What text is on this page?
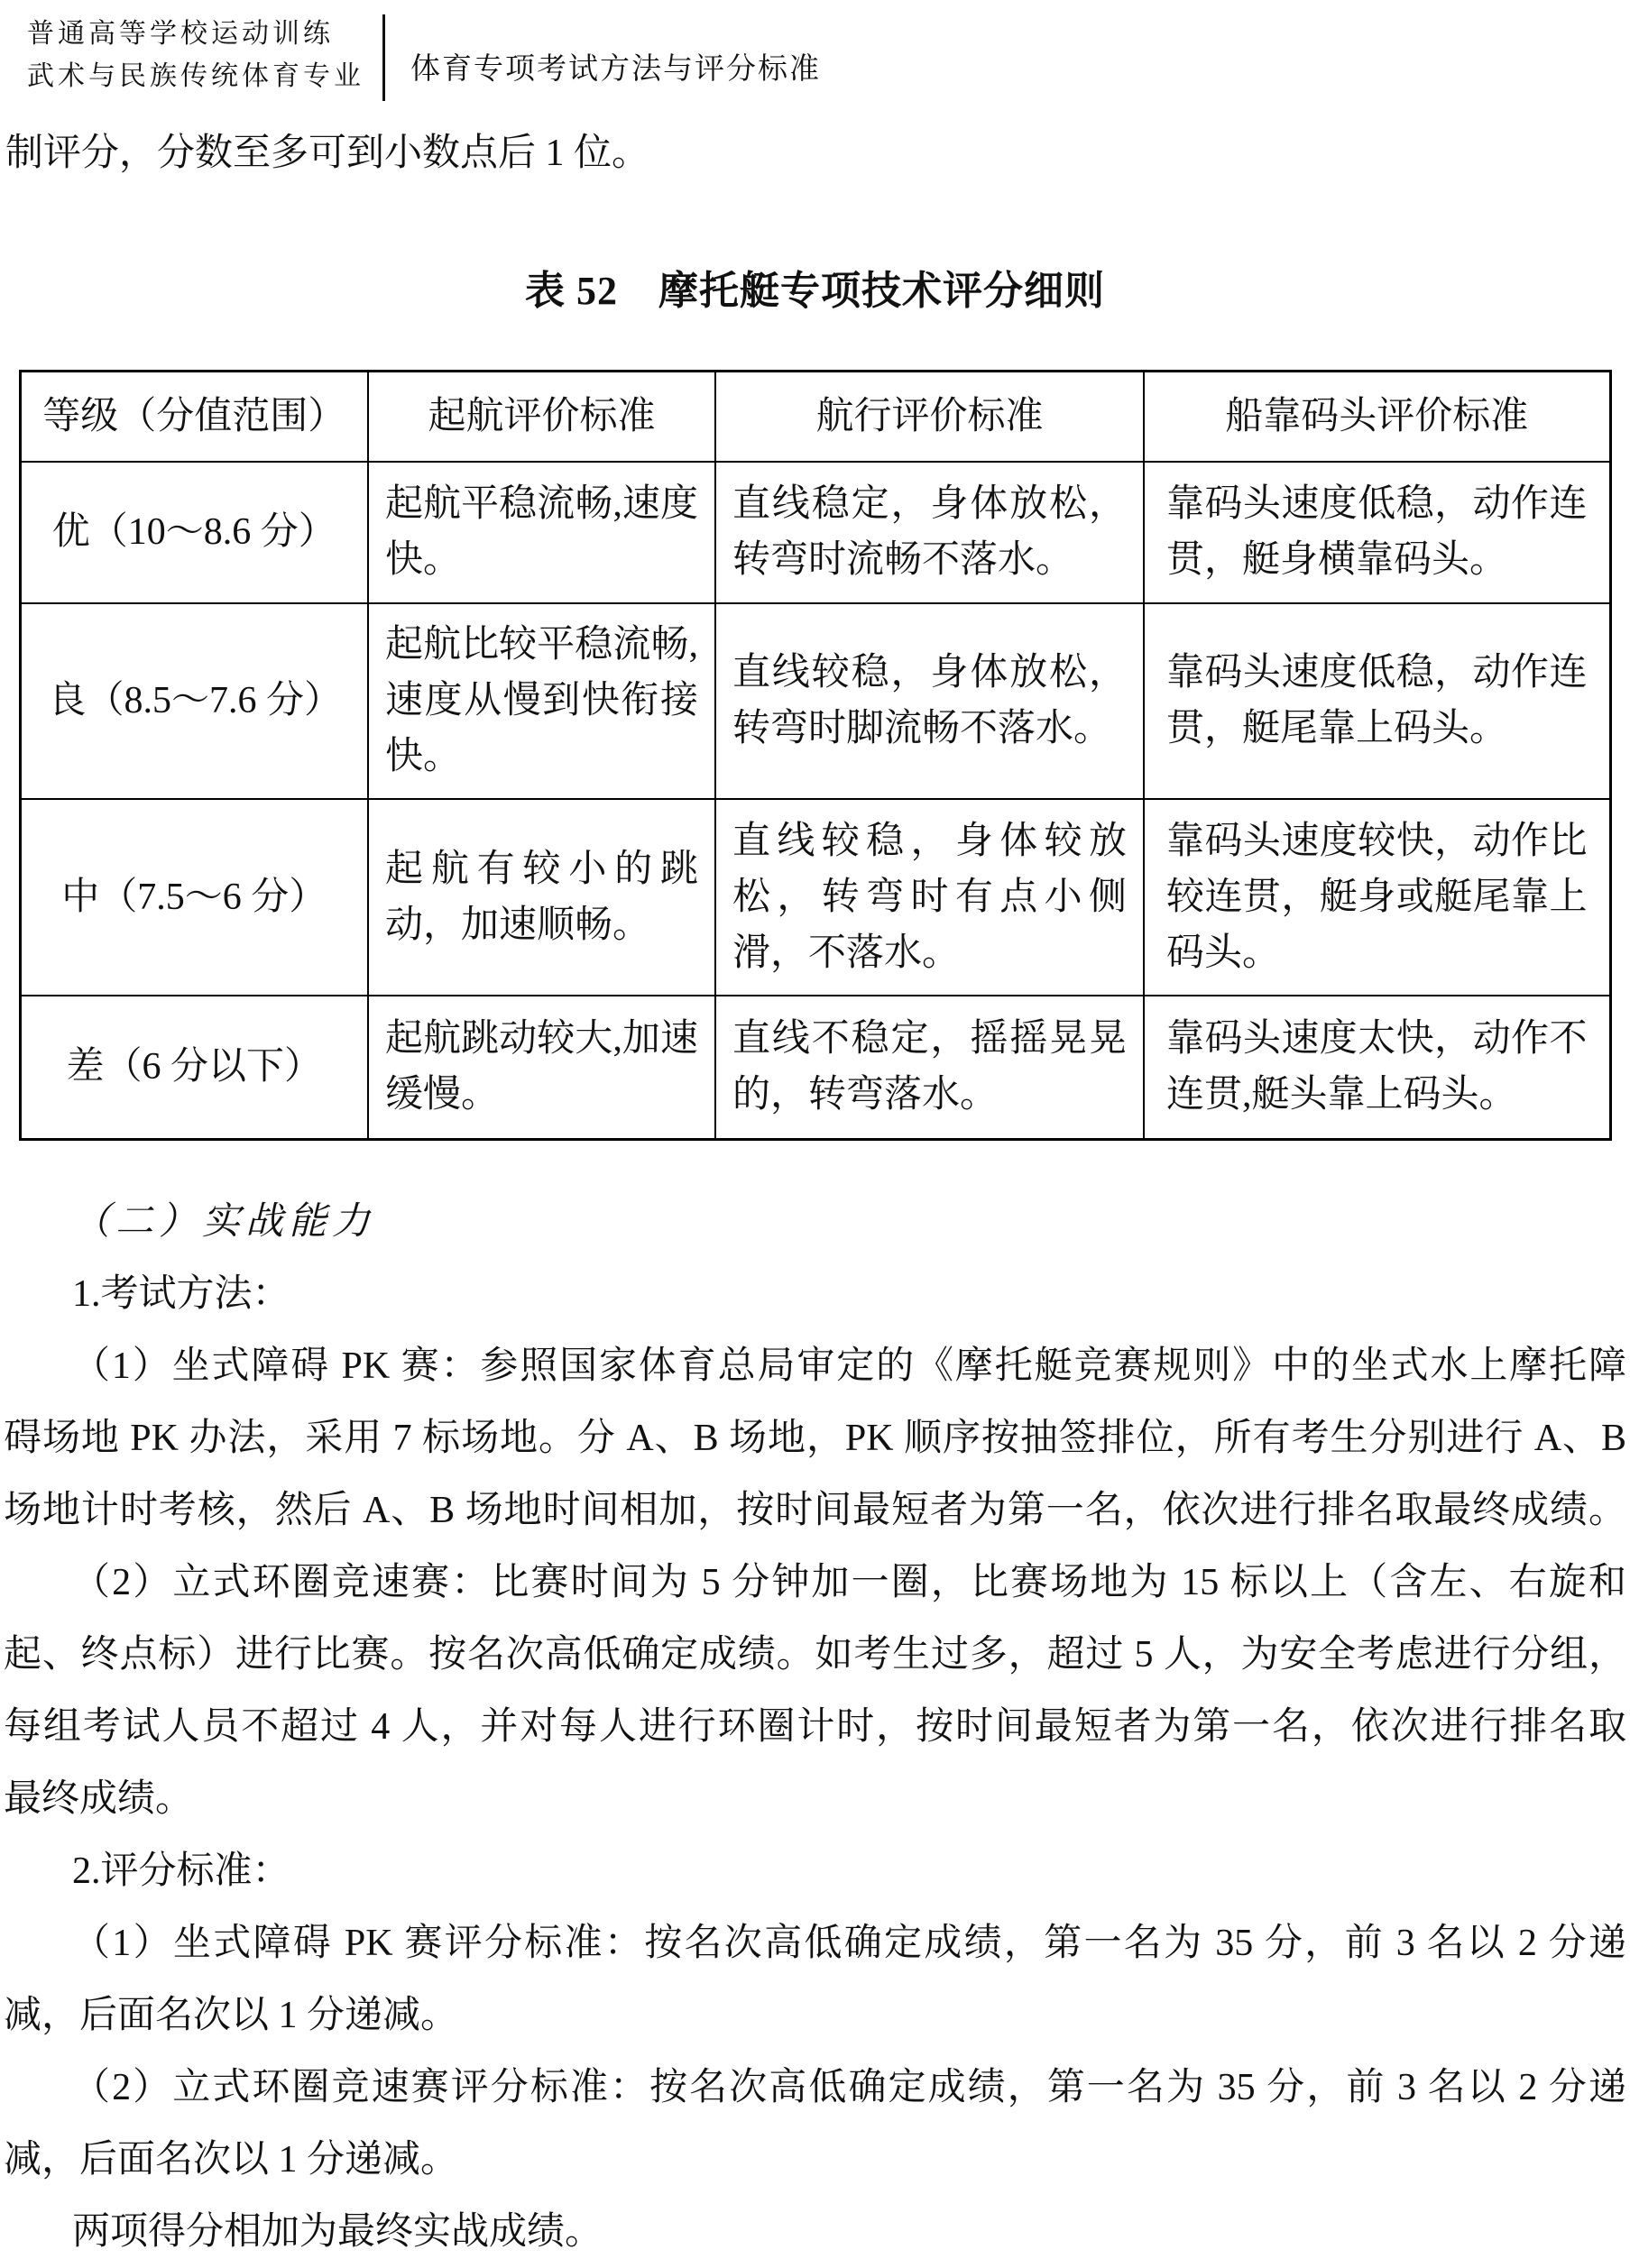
普通高等学校运动训练
武术与民族传统体育专业 体育专项考试方法与评分标准
制评分，分数至多可到小数点后 1 位。
表 52　摩托艇专项技术评分细则
等级（分值范围）	起航评价标准	航行评价标准	船靠码头评价标准
优（10～8.6 分）	起航平稳流畅,速度快。	直线稳定，身体放松，转弯时流畅不落水。	靠码头速度低稳，动作连贯，艇身横靠码头。
良（8.5～7.6 分）	起航比较平稳流畅,速度从慢到快衔接快。	直线较稳，身体放松，转弯时脚流畅不落水。	靠码头速度低稳，动作连贯，艇尾靠上码头。
中（7.5～6 分）	起航有较小的跳动，加速顺畅。	直线较稳，身体较放松，转弯时有点小侧滑，不落水。	靠码头速度较快，动作比较连贯，艇身或艇尾靠上码头。
差（6 分以下）	起航跳动较大,加速缓慢。	直线不稳定，摇摇晃晃的，转弯落水。	靠码头速度太快，动作不连贯,艇头靠上码头。
（二）实战能力
1.考试方法：
（1）坐式障碍 PK 赛：参照国家体育总局审定的《摩托艇竞赛规则》中的坐式水上摩托障
碍场地 PK 办法，采用 7 标场地。分 A、B 场地，PK 顺序按抽签排位，所有考生分别进行 A、B
场地计时考核，然后 A、B 场地时间相加，按时间最短者为第一名，依次进行排名取最终成绩。
（2）立式环圈竞速赛：比赛时间为 5 分钟加一圈，比赛场地为 15 标以上（含左、右旋和
起、终点标）进行比赛。按名次高低确定成绩。如考生过多，超过 5 人，为安全考虑进行分组，
每组考试人员不超过 4 人，并对每人进行环圈计时，按时间最短者为第一名，依次进行排名取
最终成绩。
2.评分标准：
（1）坐式障碍 PK 赛评分标准：按名次高低确定成绩，第一名为 35 分，前 3 名以 2 分递
减，后面名次以 1 分递减。
（2）立式环圈竞速赛评分标准：按名次高低确定成绩，第一名为 35 分，前 3 名以 2 分递
减，后面名次以 1 分递减。
两项得分相加为最终实战成绩。
